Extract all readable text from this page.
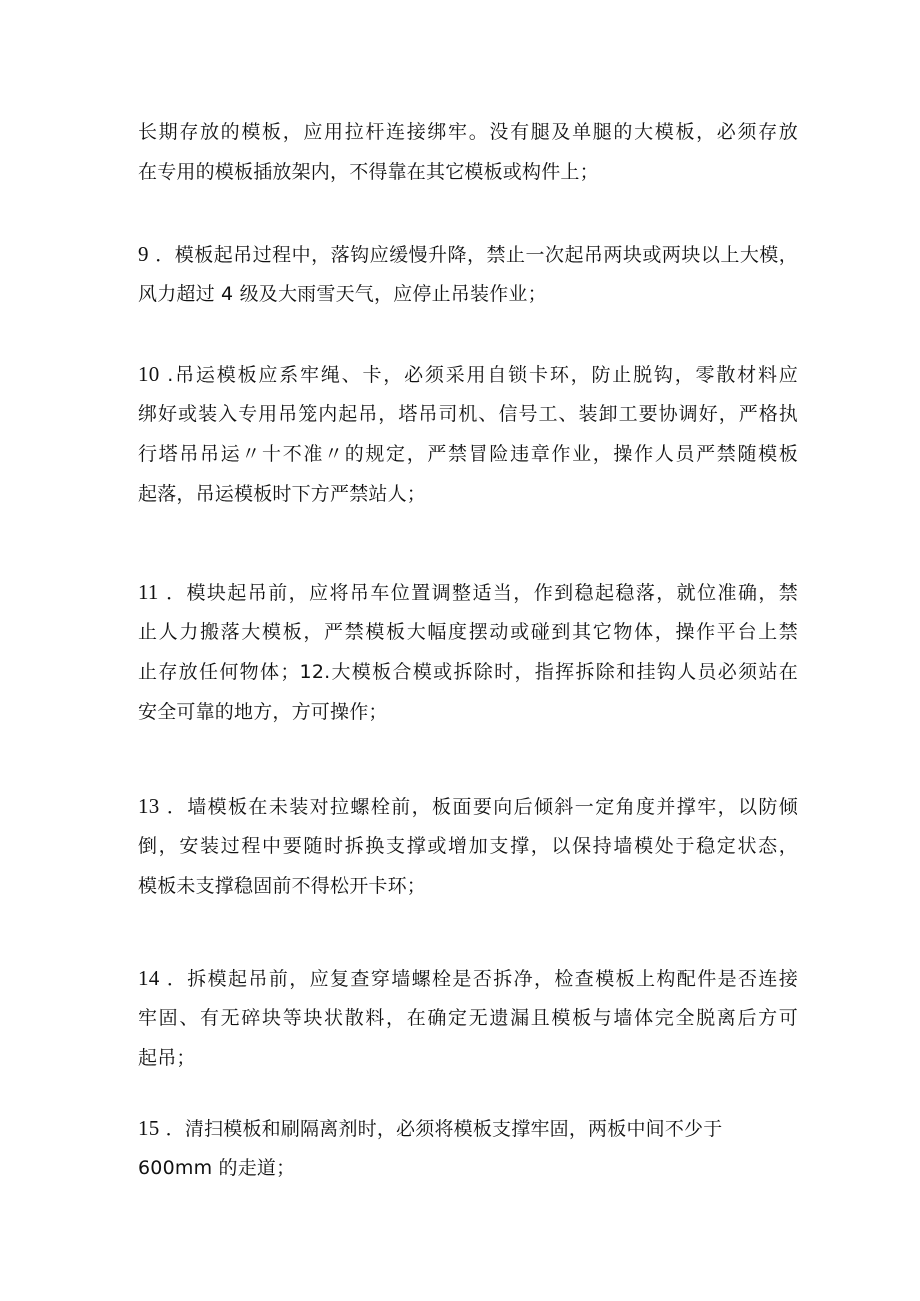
长期存放的模板，应用拉杆连接绑牢。没有腿及单腿的大模板，必须存放
在专用的模板插放架内，不得靠在其它模板或构件上；
9 ．模板起吊过程中，落钩应缓慢升降，禁止一次起吊两块或两块以上大模，
风力超过 4 级及大雨雪天气，应停止吊装作业；
10 .吊运模板应系牢绳、卡，必须采用自锁卡环，防止脱钩，零散材料应
绑好或装入专用吊笼内起吊，塔吊司机、信号工、装卸工要协调好，严格执
行塔吊吊运〃十不准〃的规定，严禁冒险违章作业，操作人员严禁随模板
起落，吊运模板时下方严禁站人；
11 ．模块起吊前，应将吊车位置调整适当，作到稳起稳落，就位准确，禁
止人力搬落大模板，严禁模板大幅度摆动或碰到其它物体，操作平台上禁
止存放任何物体；12.大模板合模或拆除时，指挥拆除和挂钩人员必须站在
安全可靠的地方，方可操作；
13 ．墙模板在未装对拉螺栓前，板面要向后倾斜一定角度并撑牢，以防倾
倒，安装过程中要随时拆换支撑或增加支撑，以保持墙模处于稳定状态，
模板未支撑稳固前不得松开卡环；
14 ．拆模起吊前，应复查穿墙螺栓是否拆净，检查模板上构配件是否连接
牢固、有无碎块等块状散料，在确定无遗漏且模板与墙体完全脱离后方可
起吊；
15 ．清扫模板和刷隔离剂时，必须将模板支撑牢固，两板中间不少于
600mm 的走道；
